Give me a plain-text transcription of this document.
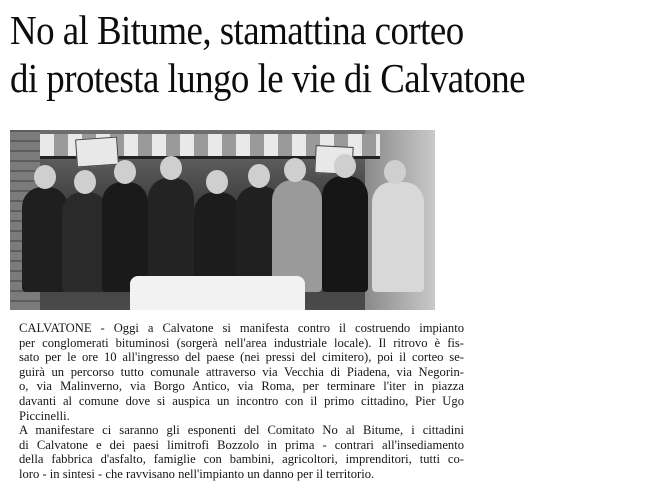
No al Bitume, stamattina corteo
di protesta lungo le vie di Calvatone
CALVATONE - Oggi a Calvatone si manifesta contro il costruendo impianto
per conglomerati bituminosi (sorgerà nell'area industriale locale). Il ritrovo è fis-
sato per le ore 10 all'ingresso del paese (nei pressi del cimitero), poi il corteo se-
guirà un percorso tutto comunale attraverso via Vecchia di Piadena, via Negorin-
o, via Malinverno, via Borgo Antico, via Roma, per terminare l'iter in piazza
davanti al comune dove si auspica un incontro con il primo cittadino, Pier Ugo
Piccinelli.
A manifestare ci saranno gli esponenti del Comitato No al Bitume, i cittadini
di Calvatone e dei paesi limitrofi Bozzolo in prima - contrari all'insediamento
della fabbrica d'asfalto, famiglie con bambini, agricoltori, imprenditori, tutti co-
loro - in sintesi - che ravvisano nell'impianto un danno per il territorio.
